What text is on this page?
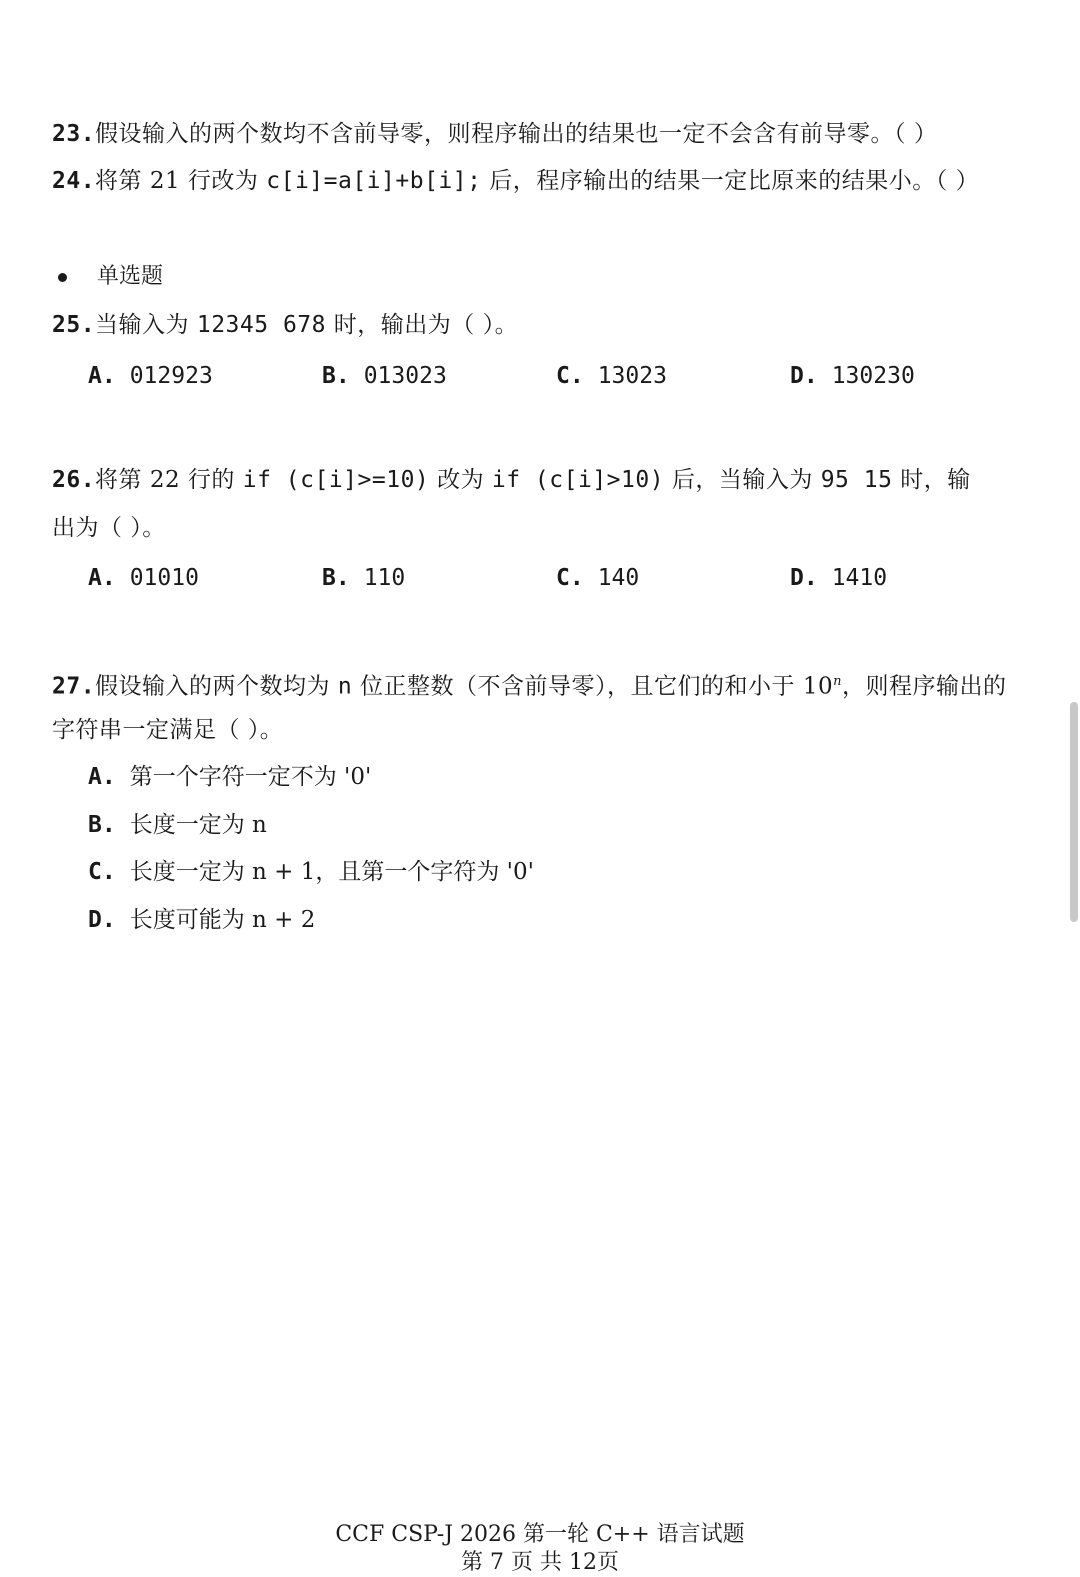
23.假设输入的两个数均不含前导零，则程序输出的结果也一定不会含有前导零。（ ）
24.将第 21 行改为 c[i]=a[i]+b[i]; 后，程序输出的结果一定比原来的结果小。（ ）
单选题
25.当输入为 12345 678 时，输出为（ ）。
A. 012923	B. 013023	C. 13023	D. 130230
26.将第 22 行的 if (c[i]>=10) 改为 if (c[i]>10) 后，当输入为 95 15 时，输
出为（ ）。
A. 01010	B. 110	C. 140	D. 1410
27.假设输入的两个数均为 n 位正整数（不含前导零），且它们的和小于 10$^n$，则程序输出的
字符串一定满足（ ）。
A. 第一个字符一定不为 '0'
B. 长度一定为 n
C. 长度一定为 n + 1，且第一个字符为 '0'
D. 长度可能为 n + 2
CCF CSP-J 2026 第一轮 C++ 语言试题
第 7 页 共 12页
